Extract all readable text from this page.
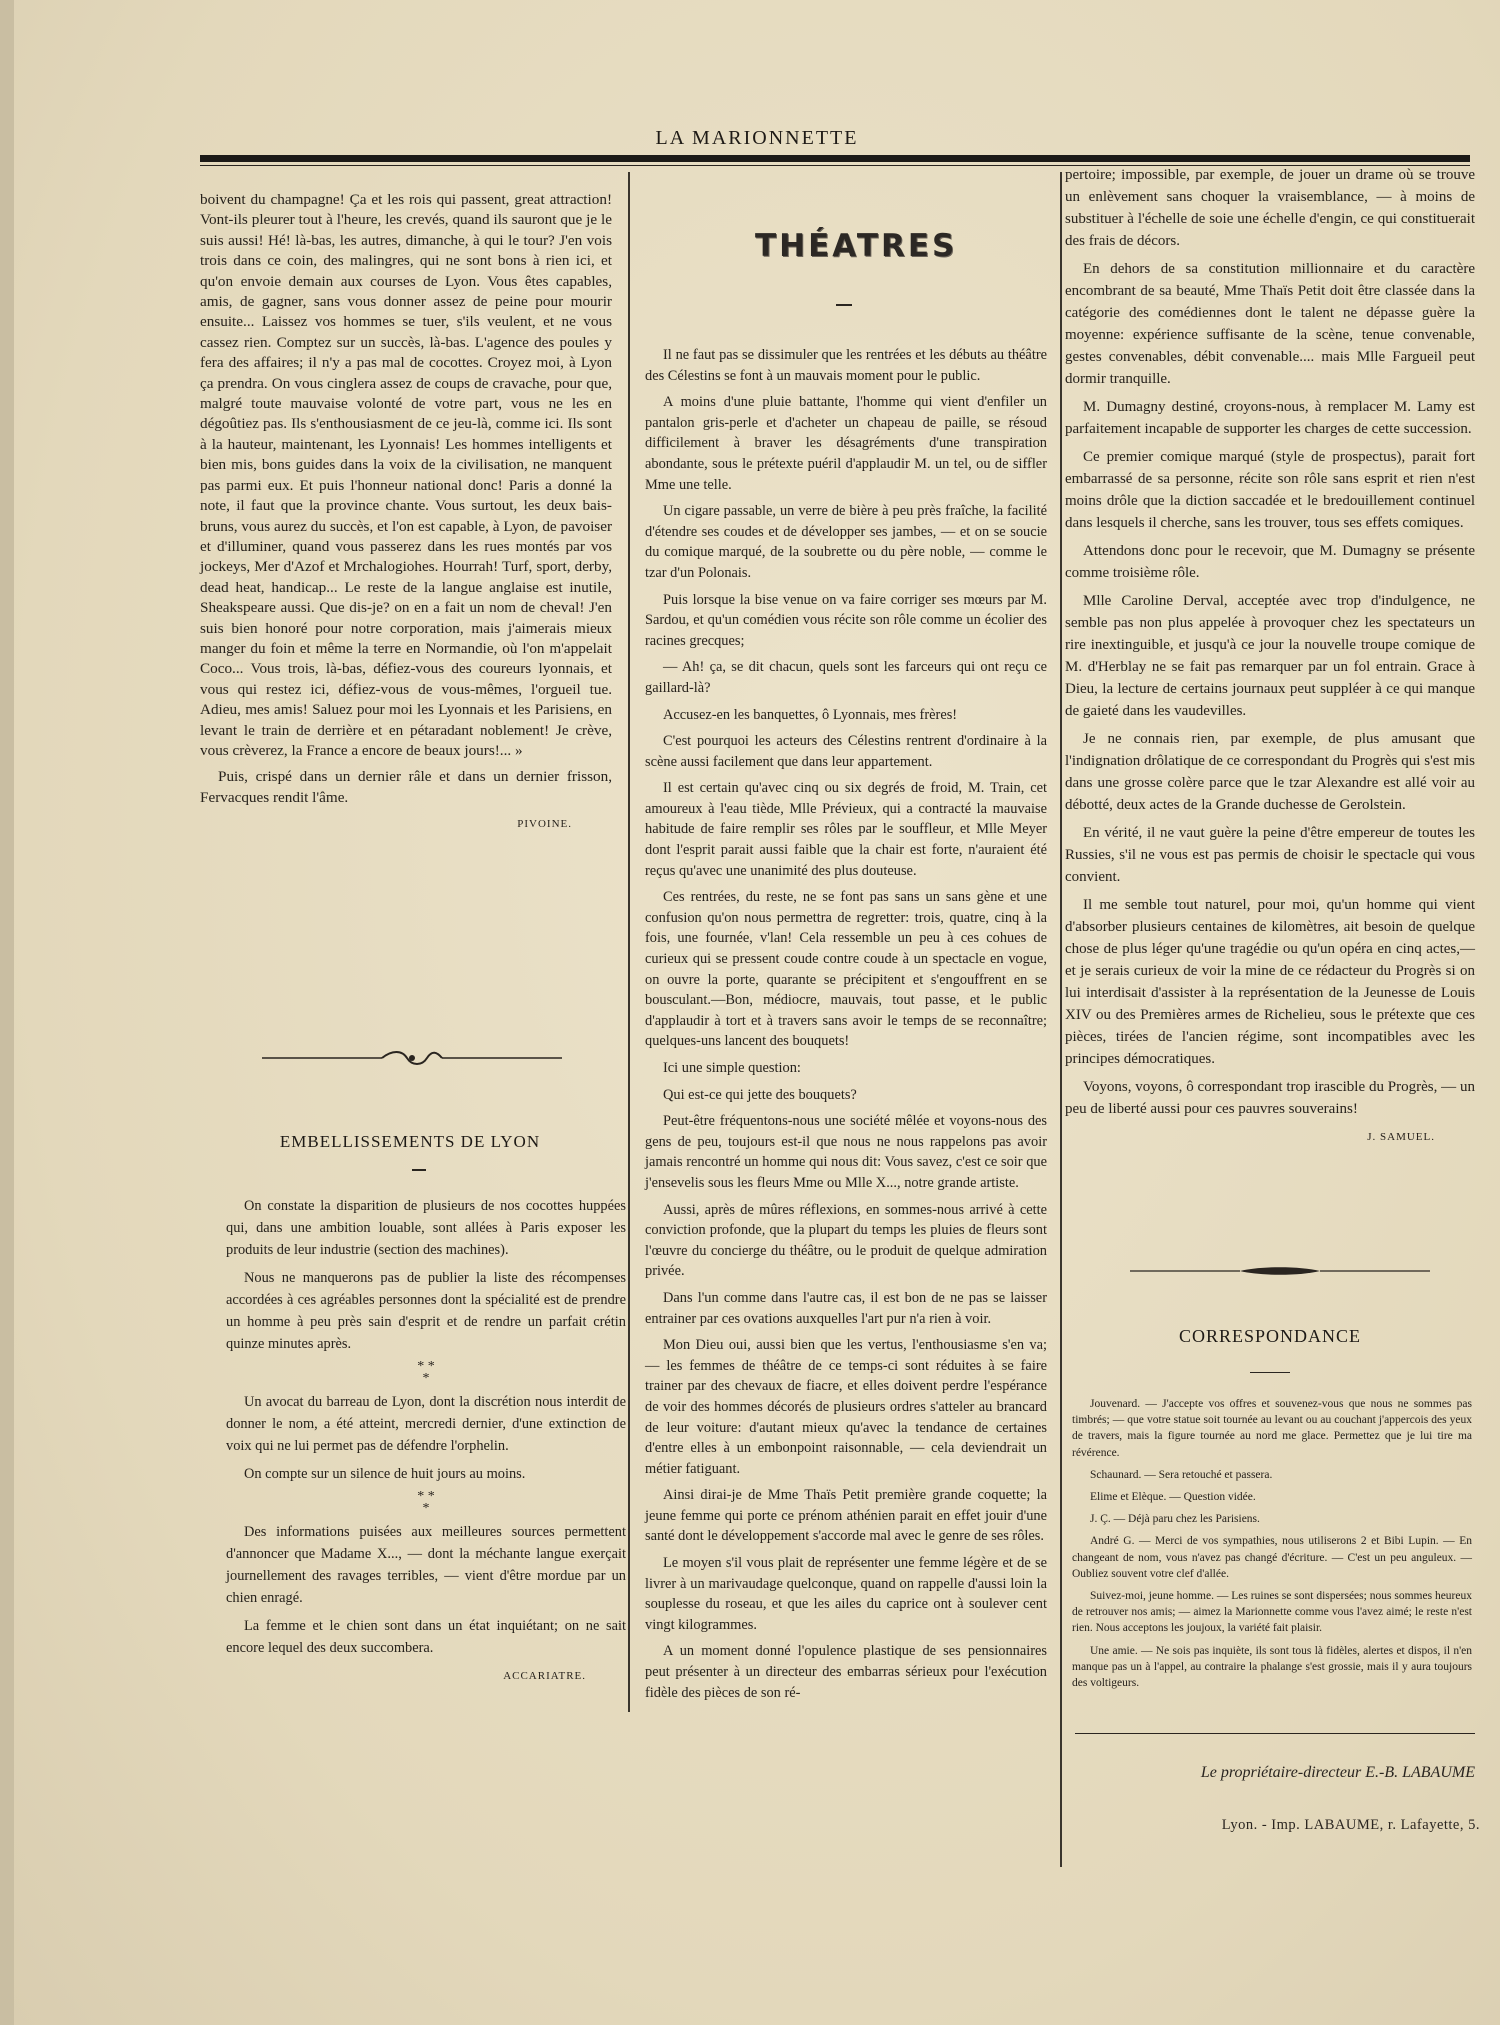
LA MARIONNETTE

boivent du champagne! Ça et les rois qui passent, great attraction! Vont-ils pleurer tout à l'heure, les crevés, quand ils sauront que je le suis aussi! Hé! là-bas, les autres, dimanche, à qui le tour? J'en vois trois dans ce coin, des malingres, qui ne sont bons à rien ici, et qu'on envoie demain aux courses de Lyon. Vous êtes capables, amis, de gagner, sans vous donner assez de peine pour mourir ensuite... Laissez vos hommes se tuer, s'ils veulent, et ne vous cassez rien. Comptez sur un succès, là-bas. L'agence des poules y fera des affaires; il n'y a pas mal de cocottes. Croyez moi, à Lyon ça prendra. On vous cinglera assez de coups de cravache, pour que, malgré toute mauvaise volonté de votre part, vous ne les en dégoûtiez pas. Ils s'enthousiasment de ce jeu-là, comme ici. Ils sont à la hauteur, maintenant, les Lyonnais! Les hommes intelligents et bien mis, bons guides dans la voix de la civilisation, ne manquent pas parmi eux. Et puis l'honneur national donc! Paris a donné la note, il faut que la province chante. Vous surtout, les deux bais-bruns, vous aurez du succès, et l'on est capable, à Lyon, de pavoiser et d'illuminer, quand vous passerez dans les rues montés par vos jockeys, Mer d'Azof et Mrchalogiohes. Hourrah! Turf, sport, derby, dead heat, handicap... Le reste de la langue anglaise est inutile, Sheakspeare aussi. Que dis-je? on en a fait un nom de cheval! J'en suis bien honoré pour notre corporation, mais j'aimerais mieux manger du foin et même la terre en Normandie, où l'on m'appelait Coco... Vous trois, là-bas, défiez-vous des coureurs lyonnais, et vous qui restez ici, défiez-vous de vous-mêmes, l'orgueil tue. Adieu, mes amis! Saluez pour moi les Lyonnais et les Parisiens, en levant le train de derrière et en pétaradant noblement! Je crève, vous crèverez, la France a encore de beaux jours!... »

Puis, crispé dans un dernier râle et dans un dernier frisson, Fervacques rendit l'âme.

PIVOINE.
EMBELLISSEMENTS DE LYON

On constate la disparition de plusieurs de nos cocottes huppées qui, dans une ambition louable, sont allées à Paris exposer les produits de leur industrie (section des machines).

Nous ne manquerons pas de publier la liste des récompenses accordées à ces agréables personnes dont la spécialité est de prendre un homme à peu près sain d'esprit et de rendre un parfait crétin quinze minutes après.

* *
*

Un avocat du barreau de Lyon, dont la discrétion nous interdit de donner le nom, a été atteint, mercredi dernier, d'une extinction de voix qui ne lui permet pas de défendre l'orphelin.

On compte sur un silence de huit jours au moins.

* *
*

Des informations puisées aux meilleures sources permettent d'annoncer que Madame X..., — dont la méchante langue exerçait journellement des ravages terribles, — vient d'être mordue par un chien enragé.

La femme et le chien sont dans un état inquiétant; on ne sait encore lequel des deux succombera.

ACCARIATRE.
THÉATRES

Il ne faut pas se dissimuler que les rentrées et les débuts au théâtre des Célestins se font à un mauvais moment pour le public.

A moins d'une pluie battante, l'homme qui vient d'enfiler un pantalon gris-perle et d'acheter un chapeau de paille, se résoud difficilement à braver les désagréments d'une transpiration abondante, sous le prétexte puéril d'applaudir M. un tel, ou de siffler Mme une telle.

Un cigare passable, un verre de bière à peu près fraîche, la facilité d'étendre ses coudes et de développer ses jambes, — et on se soucie du comique marqué, de la soubrette ou du père noble, — comme le tzar d'un Polonais.

Puis lorsque la bise venue on va faire corriger ses mœurs par M. Sardou, et qu'un comédien vous récite son rôle comme un écolier des racines grecques;

— Ah! ça, se dit chacun, quels sont les farceurs qui ont reçu ce gaillard-là?

Accusez-en les banquettes, ô Lyonnais, mes frères!

C'est pourquoi les acteurs des Célestins rentrent d'ordinaire à la scène aussi facilement que dans leur appartement.

Il est certain qu'avec cinq ou six degrés de froid, M. Train, cet amoureux à l'eau tiède, Mlle Prévieux, qui a contracté la mauvaise habitude de faire remplir ses rôles par le souffleur, et Mlle Meyer dont l'esprit parait aussi faible que la chair est forte, n'auraient été reçus qu'avec une unanimité des plus douteuse.

Ces rentrées, du reste, ne se font pas sans un sans gène et une confusion qu'on nous permettra de regretter: trois, quatre, cinq à la fois, une fournée, v'lan! Cela ressemble un peu à ces cohues de curieux qui se pressent coude contre coude à un spectacle en vogue, on ouvre la porte, quarante se précipitent et s'engouffrent en se bousculant.—Bon, médiocre, mauvais, tout passe, et le public d'applaudir à tort et à travers sans avoir le temps de se reconnaître; quelques-uns lancent des bouquets!

Ici une simple question:

Qui est-ce qui jette des bouquets?

Peut-être fréquentons-nous une société mêlée et voyons-nous des gens de peu, toujours est-il que nous ne nous rappelons pas avoir jamais rencontré un homme qui nous dit: Vous savez, c'est ce soir que j'ensevelis sous les fleurs Mme ou Mlle X..., notre grande artiste.

Aussi, après de mûres réflexions, en sommes-nous arrivé à cette conviction profonde, que la plupart du temps les pluies de fleurs sont l'œuvre du concierge du théâtre, ou le produit de quelque admiration privée.

Dans l'un comme dans l'autre cas, il est bon de ne pas se laisser entrainer par ces ovations auxquelles l'art pur n'a rien à voir.

Mon Dieu oui, aussi bien que les vertus, l'enthousiasme s'en va; — les femmes de théâtre de ce temps-ci sont réduites à se faire trainer par des chevaux de fiacre, et elles doivent perdre l'espérance de voir des hommes décorés de plusieurs ordres s'atteler au brancard de leur voiture: d'autant mieux qu'avec la tendance de certaines d'entre elles à un embonpoint raisonnable, — cela deviendrait un métier fatiguant.

Ainsi dirai-je de Mme Thaïs Petit première grande coquette; la jeune femme qui porte ce prénom athénien parait en effet jouir d'une santé dont le développement s'accorde mal avec le genre de ses rôles.

Le moyen s'il vous plait de représenter une femme légère et de se livrer à un marivaudage quelconque, quand on rappelle d'aussi loin la souplesse du roseau, et que les ailes du caprice ont à soulever cent vingt kilogrammes.

A un moment donné l'opulence plastique de ses pensionnaires peut présenter à un directeur des embarras sérieux pour l'exécution fidèle des pièces de son ré-

pertoire; impossible, par exemple, de jouer un drame où se trouve un enlèvement sans choquer la vraisemblance, — à moins de substituer à l'échelle de soie une échelle d'engin, ce qui constituerait des frais de décors.

En dehors de sa constitution millionnaire et du caractère encombrant de sa beauté, Mme Thaïs Petit doit être classée dans la catégorie des comédiennes dont le talent ne dépasse guère la moyenne: expérience suffisante de la scène, tenue convenable, gestes convenables, débit convenable.... mais Mlle Fargueil peut dormir tranquille.

M. Dumagny destiné, croyons-nous, à remplacer M. Lamy est parfaitement incapable de supporter les charges de cette succession.

Ce premier comique marqué (style de prospectus), parait fort embarrassé de sa personne, récite son rôle sans esprit et rien n'est moins drôle que la diction saccadée et le bredouillement continuel dans lesquels il cherche, sans les trouver, tous ses effets comiques.

Attendons donc pour le recevoir, que M. Dumagny se présente comme troisième rôle.

Mlle Caroline Derval, acceptée avec trop d'indulgence, ne semble pas non plus appelée à provoquer chez les spectateurs un rire inextinguible, et jusqu'à ce jour la nouvelle troupe comique de M. d'Herblay ne se fait pas remarquer par un fol entrain. Grace à Dieu, la lecture de certains journaux peut suppléer à ce qui manque de gaieté dans les vaudevilles.

Je ne connais rien, par exemple, de plus amusant que l'indignation drôlatique de ce correspondant du Progrès qui s'est mis dans une grosse colère parce que le tzar Alexandre est allé voir au débotté, deux actes de la Grande duchesse de Gerolstein.

En vérité, il ne vaut guère la peine d'être empereur de toutes les Russies, s'il ne vous est pas permis de choisir le spectacle qui vous convient.

Il me semble tout naturel, pour moi, qu'un homme qui vient d'absorber plusieurs centaines de kilomètres, ait besoin de quelque chose de plus léger qu'une tragédie ou qu'un opéra en cinq actes,—et je serais curieux de voir la mine de ce rédacteur du Progrès si on lui interdisait d'assister à la représentation de la Jeunesse de Louis XIV ou des Premières armes de Richelieu, sous le prétexte que ces pièces, tirées de l'ancien régime, sont incompatibles avec les principes démocratiques.

Voyons, voyons, ô correspondant trop irascible du Progrès, — un peu de liberté aussi pour ces pauvres souverains!

J. SAMUEL.
CORRESPONDANCE

Jouvenard. — J'accepte vos offres et souvenez-vous que nous ne sommes pas timbrés; — que votre statue soit tournée au levant ou au couchant j'appercois des yeux de travers, mais la figure tournée au nord me glace. Permettez que je lui tire ma révérence.

Schaunard. — Sera retouché et passera.

Elime et Elèque. — Question vidée.

J. Ç. — Déjà paru chez les Parisiens.

André G. — Merci de vos sympathies, nous utiliserons 2 et Bibi Lupin. — En changeant de nom, vous n'avez pas changé d'écriture. — C'est un peu anguleux. — Oubliez souvent votre clef d'allée.

Suivez-moi, jeune homme. — Les ruines se sont dispersées; nous sommes heureux de retrouver nos amis; — aimez la Marionnette comme vous l'avez aimé; le reste n'est rien. Nous acceptons les joujoux, la variété fait plaisir.

Une amie. — Ne sois pas inquiète, ils sont tous là fidèles, alertes et dispos, il n'en manque pas un à l'appel, au contraire la phalange s'est grossie, mais il y aura toujours des voltigeurs.

Le propriétaire-directeur E.-B. LABAUME
Lyon. - Imp. LABAUME, r. Lafayette, 5.
